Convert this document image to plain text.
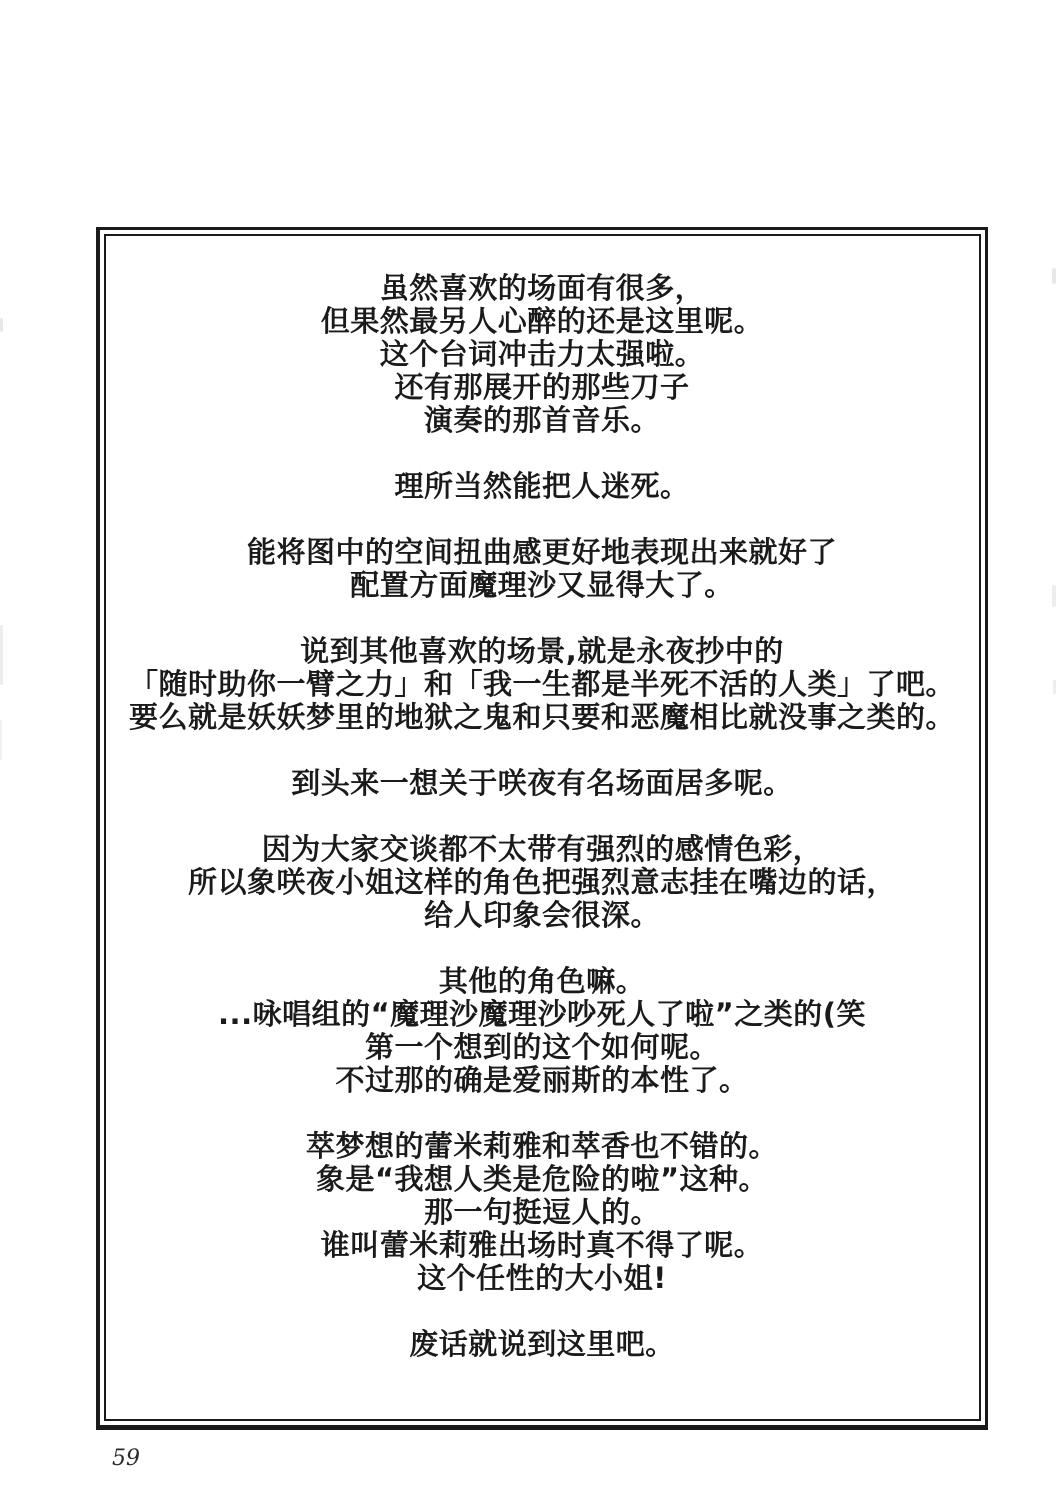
虽然喜欢的场面有很多，
但果然最另人心醉的还是这里呢。
这个台词冲击力太强啦。
还有那展开的那些刀子
演奏的那首音乐。
理所当然能把人迷死。
能将图中的空间扭曲感更好地表现出来就好了
配置方面魔理沙又显得大了。
说到其他喜欢的场景,就是永夜抄中的
「随时助你一臂之力」和「我一生都是半死不活的人类」了吧。
要么就是妖妖梦里的地狱之鬼和只要和恶魔相比就没事之类的。
到头来一想关于咲夜有名场面居多呢。
因为大家交谈都不太带有强烈的感情色彩，
所以象咲夜小姐这样的角色把强烈意志挂在嘴边的话，
给人印象会很深。
其他的角色嘛。
...咏唱组的“魔理沙魔理沙吵死人了啦”之类的(笑
第一个想到的这个如何呢。
不过那的确是爱丽斯的本性了。
萃梦想的蕾米莉雅和萃香也不错的。
象是“我想人类是危险的啦”这种。
那一句挺逗人的。
谁叫蕾米莉雅出场时真不得了呢。
这个任性的大小姐!
废话就说到这里吧。
59
